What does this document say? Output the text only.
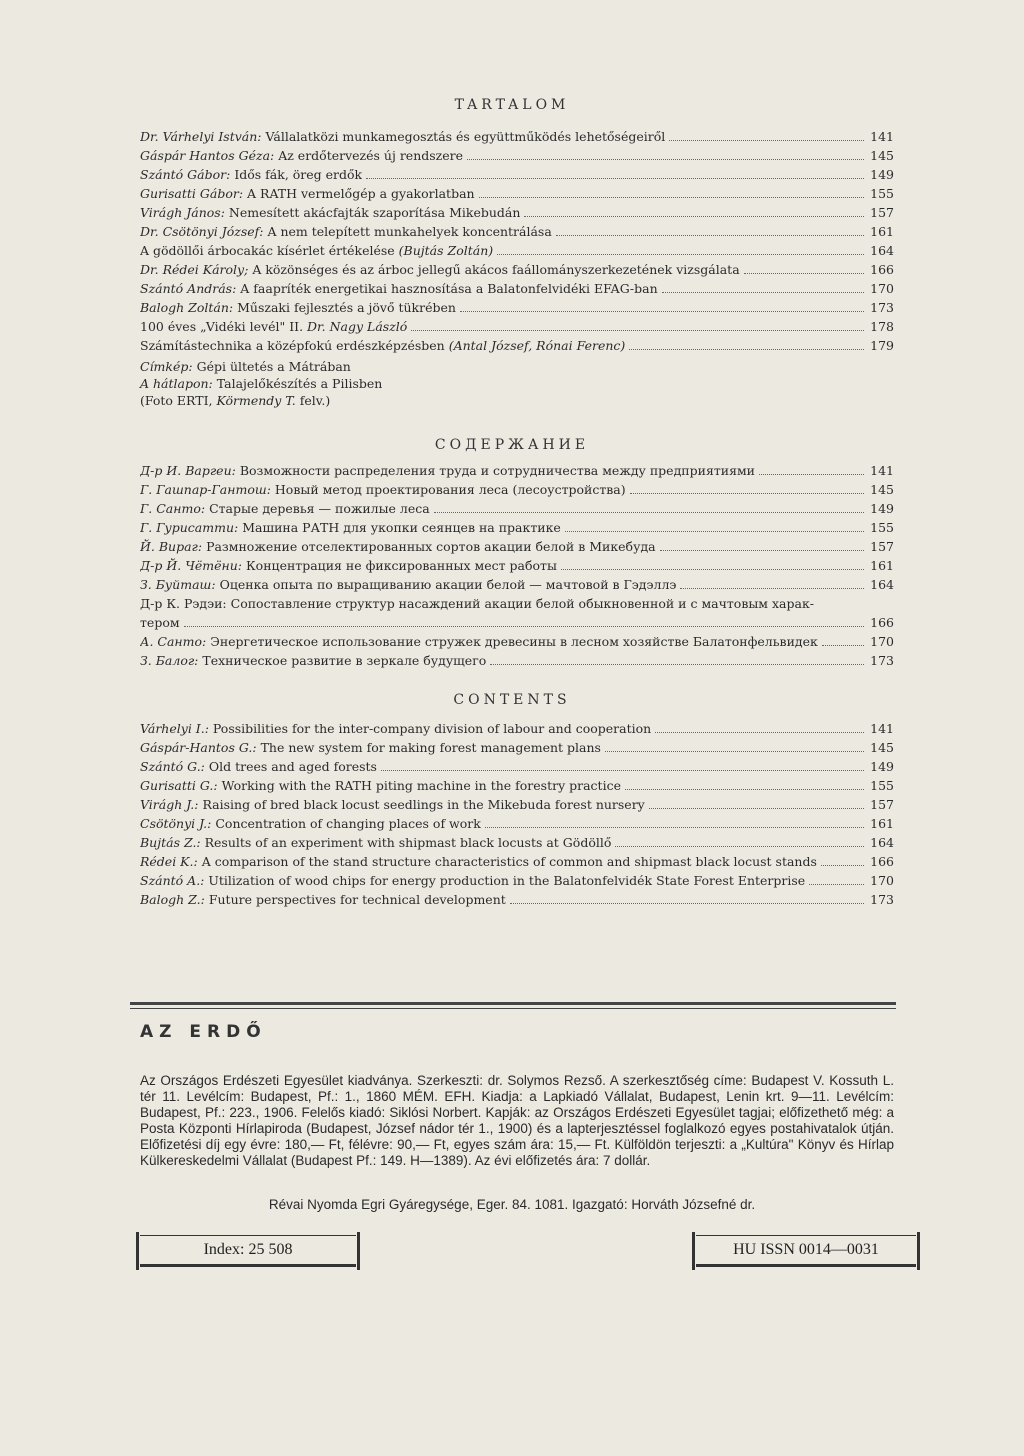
TARTALOM
Dr. Várhelyi István: Vállalatközi munkamegosztás és együttműködés lehetőségeiről	141
Gáspár Hantos Géza: Az erdőtervezés új rendszere	145
Szántó Gábor: Idős fák, öreg erdők	149
Gurisatti Gábor: A RATH vermelőgép a gyakorlatban	155
Virágh János: Nemesített akácfajták szaporítása Mikebudán	157
Dr. Csötönyi József: A nem telepített munkahelyek koncentrálása	161
A gödöllői árbocakác kísérlet értékelése (Bujtás Zoltán)	164
Dr. Rédei Károly; A közönséges és az árboc jellegű akácos faállományszerkezetének vizsgálata	166
Szántó András: A faapríték energetikai hasznosítása a Balatonfelvidéki EFAG-ban	170
Balogh Zoltán: Műszaki fejlesztés a jövő tükrében	173
100 éves „Vidéki levél" II. Dr. Nagy László	178
Számítástechnika a középfokú erdészképzésben (Antal József, Rónai Ferenc)	179
Címkép: Gépi ültetés a Mátrában
A hátlapon: Talajelőkészítés a Pilisben
(Foto ERTI, Körmendy T. felv.)
СОДЕРЖАНИЕ
Д-р И. Варгеи: Возможности распределения труда и сотрудничества между предприятиями	141
Г. Гашпар-Гантош: Новый метод проектирования леса (лесоустройства)	145
Г. Санто: Старые деревья — пожилые леса	149
Г. Гурисатти: Машина РАТН для укопки сеянцев на практике	155
Й. Вираг: Размножение отселектированных сортов акации белой в Микебуда	157
Д-р Й. Чётёни: Концентрация не фиксированных мест работы	161
З. Буйташ: Оценка опыта по выращиванию акации белой — мачтовой в Гэдэллэ	164
Д-р К. Рэдэи: Сопоставление структур насаждений акации белой обыкновенной и с мачтовым харак-
тером	166
А. Санто: Энергетическое использование стружек древесины в лесном хозяйстве Балатонфельвидек	170
З. Балог: Техническое развитие в зеркале будущего	173
CONTENTS
Várhelyi I.: Possibilities for the inter-company division of labour and cooperation	141
Gáspár-Hantos G.: The new system for making forest management plans	145
Szántó G.: Old trees and aged forests	149
Gurisatti G.: Working with the RATH piting machine in the forestry practice	155
Virágh J.: Raising of bred black locust seedlings in the Mikebuda forest nursery	157
Csötönyi J.: Concentration of changing places of work	161
Bujtás Z.: Results of an experiment with shipmast black locusts at Gödöllő	164
Rédei K.: A comparison of the stand structure characteristics of common and shipmast black locust stands	166
Szántó A.: Utilization of wood chips for energy production in the Balatonfelvidék State Forest Enterprise	170
Balogh Z.: Future perspectives for technical development	173
AZ ERDŐ
Az Országos Erdészeti Egyesület kiadványa. Szerkeszti: dr. Solymos Rezső. A szerkesztőség címe: Budapest V. Kossuth L. tér 11. Levélcím: Budapest, Pf.: 1., 1860 MÉM. EFH. Kiadja: a Lapkiadó Vállalat, Budapest, Lenin krt. 9—11. Levélcím: Budapest, Pf.: 223., 1906. Felelős kiadó: Siklósi Norbert. Kapják: az Országos Erdészeti Egyesület tagjai; előfizethető még: a Posta Központi Hírlapiroda (Budapest, József nádor tér 1., 1900) és a lapterjesztéssel foglalkozó egyes postahivatalok útján. Előfizetési díj egy évre: 180,— Ft, félévre: 90,— Ft, egyes szám ára: 15,— Ft. Külföldön terjeszti: a „Kultúra" Könyv és Hírlap Külkereskedelmi Vállalat (Budapest Pf.: 149. H—1389). Az évi előfizetés ára: 7 dollár.
Révai Nyomda Egri Gyáregysége, Eger. 84. 1081. Igazgató: Horváth Józsefné dr.
Index: 25 508	HU ISSN 0014—0031
